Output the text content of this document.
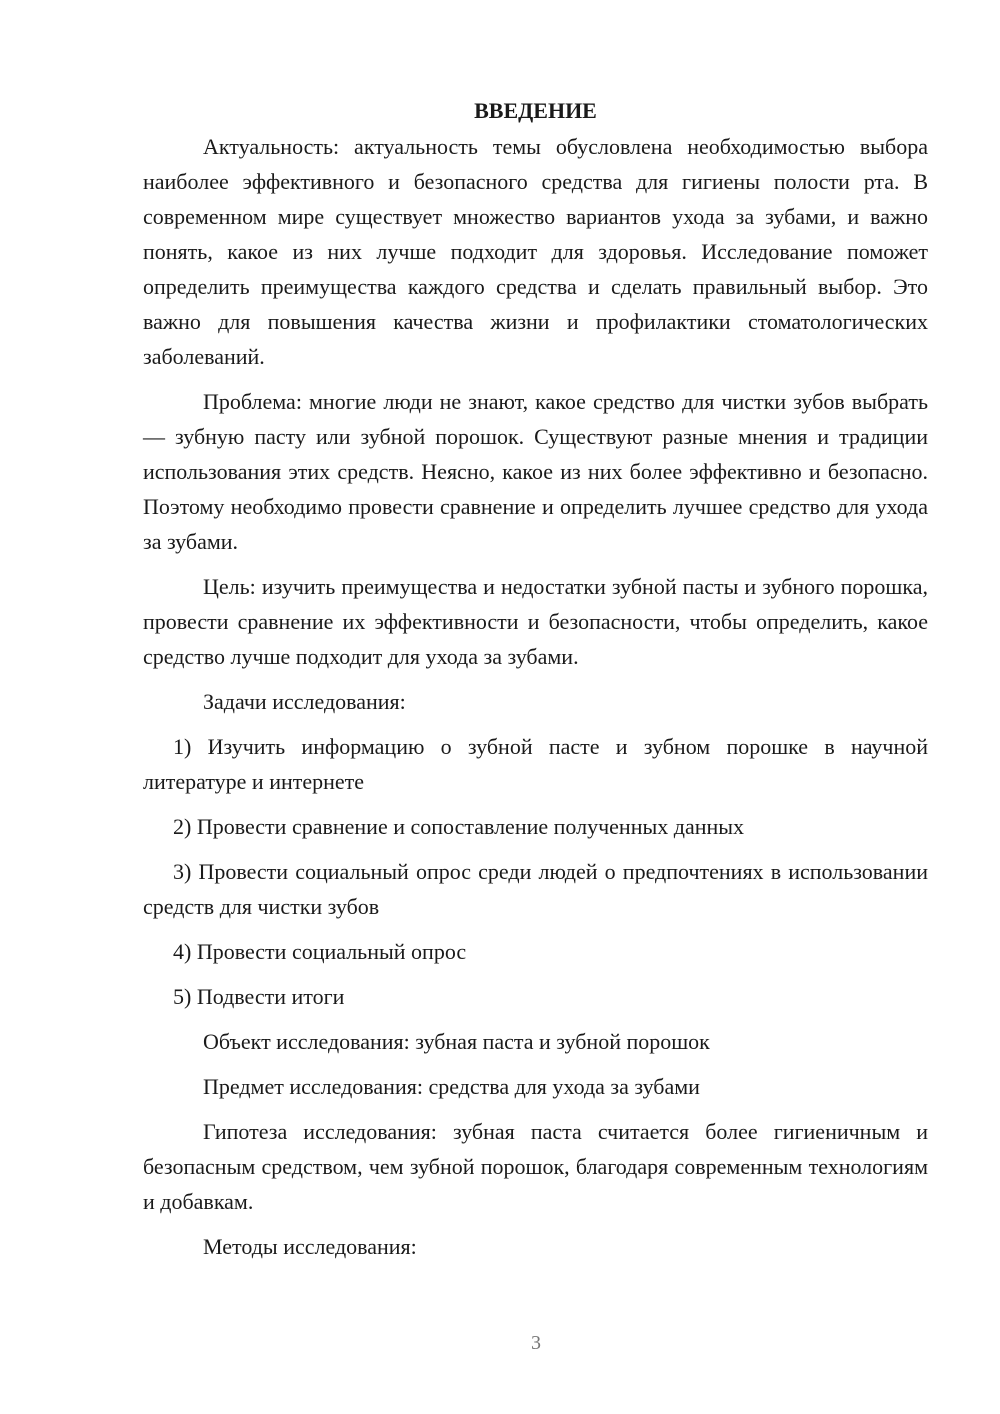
ВВЕДЕНИЕ

Актуальность: актуальность темы обусловлена необходимостью выбора наиболее эффективного и безопасного средства для гигиены полости рта. В современном мире существует множество вариантов ухода за зубами, и важно понять, какое из них лучше подходит для здоровья. Исследование поможет определить преимущества каждого средства и сделать правильный выбор. Это важно для повышения качества жизни и профилактики стоматологических заболеваний.

Проблема: многие люди не знают, какое средство для чистки зубов выбрать — зубную пасту или зубной порошок. Существуют разные мнения и традиции использования этих средств. Неясно, какое из них более эффективно и безопасно. Поэтому необходимо провести сравнение и определить лучшее средство для ухода за зубами.

Цель: изучить преимущества и недостатки зубной пасты и зубного порошка, провести сравнение их эффективности и безопасности, чтобы определить, какое средство лучше подходит для ухода за зубами.

Задачи исследования:

1) Изучить информацию о зубной пасте и зубном порошке в научной литературе и интернете

2) Провести сравнение и сопоставление полученных данных

3) Провести социальный опрос среди людей о предпочтениях в использовании средств для чистки зубов

4) Провести социальный опрос

5) Подвести итоги

Объект исследования: зубная паста и зубной порошок

Предмет исследования: средства для ухода за зубами

Гипотеза исследования: зубная паста считается более гигиеничным и безопасным средством, чем зубной порошок, благодаря современным технологиям и добавкам.

Методы исследования:

3
